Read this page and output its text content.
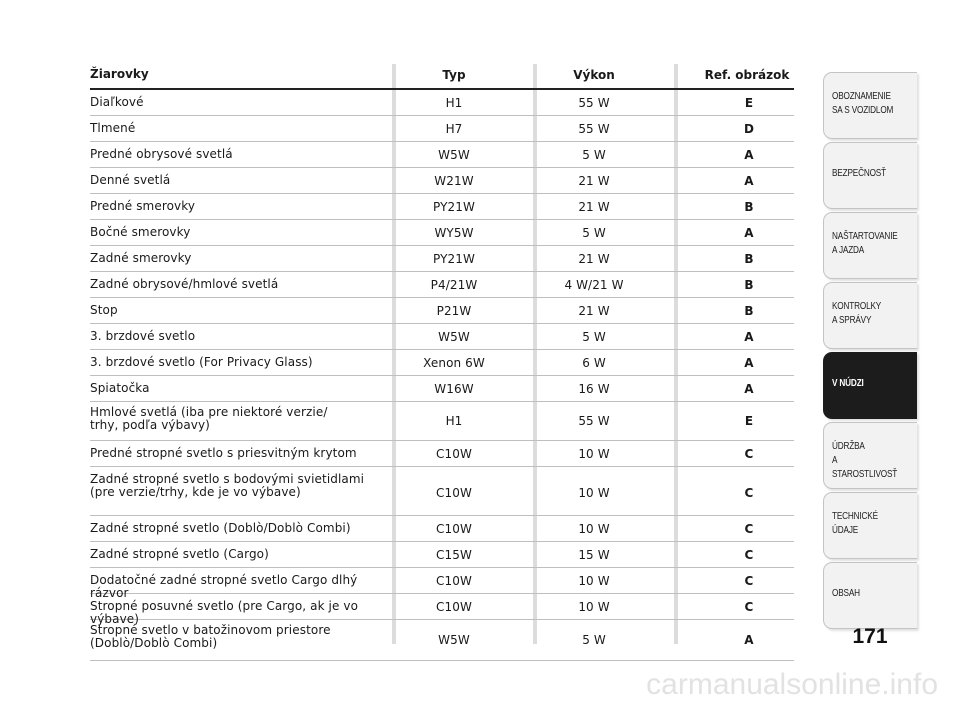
Žiarovky	Typ	Výkon	Ref. obrázok
Diaľkové	H1	55 W	E
Tlmené	H7	55 W	D
Predné obrysové svetlá	W5W	5 W	A
Denné svetlá	W21W	21 W	A
Predné smerovky	PY21W	21 W	B
Bočné smerovky	WY5W	5 W	A
Zadné smerovky	PY21W	21 W	B
Zadné obrysové/hmlové svetlá	P4/21W	4 W/21 W	B
Stop	P21W	21 W	B
3. brzdové svetlo	W5W	5 W	A
3. brzdové svetlo (For Privacy Glass)	Xenon 6W	6 W	A
Spiatočka	W16W	16 W	A
Hmlové svetlá (iba pre niektoré verzie/
trhy, podľa výbavy)	H1	55 W	E
Predné stropné svetlo s priesvitným krytom	C10W	10 W	C
Zadné stropné svetlo s bodovými svietidlami
(pre verzie/trhy, kde je vo výbave)	C10W	10 W	C
Zadné stropné svetlo (Doblò/Doblò Combi)	C10W	10 W	C
Zadné stropné svetlo (Cargo)	C15W	15 W	C
Dodatočné zadné stropné svetlo Cargo dlhý rázvor
C10W	10 W	C
Stropné posuvné svetlo (pre Cargo, ak je vo výbave)
C10W	10 W	C
Stropné svetlo v batožinovom priestore
(Doblò/Doblò Combi)	W5W	5 W	A
OBOZNAMENIE
SA S VOZIDLOM
BEZPEČNOSŤ
NAŠTARTOVANIE
A JAZDA
KONTROLKY
A SPRÁVY
V NÚDZI
ÚDRŽBA
A STAROSTLIVOSŤ
TECHNICKÉ
ÚDAJE
OBSAH
171
carmanualsonline.info
